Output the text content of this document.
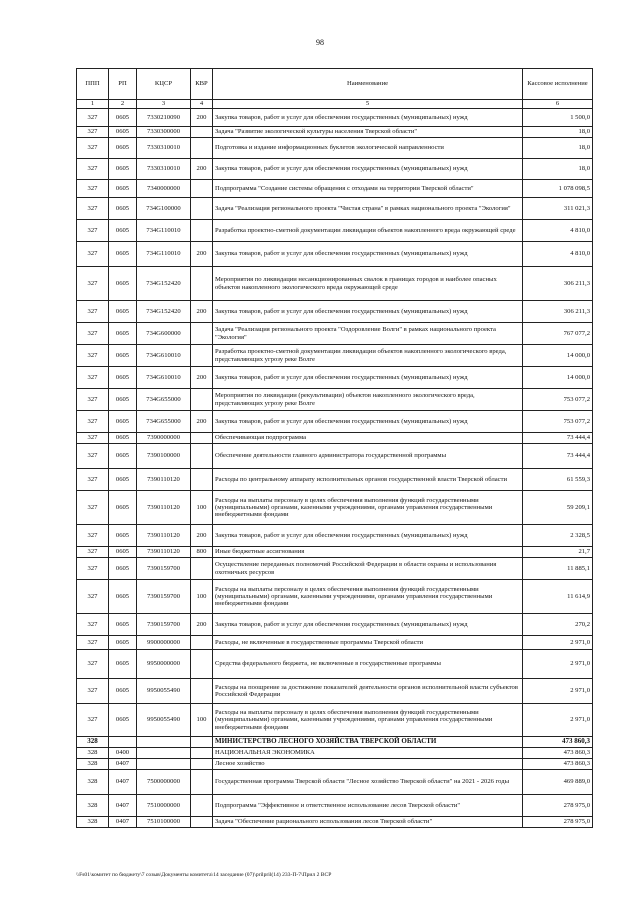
98
ППП	РП	КЦСР	КВР	Наименование	Кассовое исполнение
1	2	3	4	5	6
327	0605	7330210090	200	Закупка товаров, работ и услуг для обеспечения государственных (муниципальных) нужд	1 500,0
327	0605	7330300000		Задача "Развитие экологической культуры населения Тверской области"	18,0
327	0605	7330310010		Подготовка и издание информационных буклетов экологической направленности	18,0
327	0605	7330310010	200	Закупка товаров, работ и услуг для обеспечения государственных (муниципальных) нужд	18,0
327	0605	7340000000		Подпрограмма "Создание системы обращения с отходами на территории Тверской области"	1 078 098,5
327	0605	734G100000		Задача "Реализация регионального проекта "Чистая страна" в рамках национального проекта "Экология"	311 021,3
327	0605	734G110010		Разработка проектно-сметной документации ликвидации объектов накопленного вреда окружающей среде	4 810,0
327	0605	734G110010	200	Закупка товаров, работ и услуг для обеспечения государственных (муниципальных) нужд	4 810,0
327	0605	734G152420		Мероприятия по ликвидации несанкционированных свалок в границах городов и наиболее опасных объектов накопленного экологического вреда окружающей среде	306 211,3
327	0605	734G152420	200	Закупка товаров, работ и услуг для обеспечения государственных (муниципальных) нужд	306 211,3
327	0605	734G600000		Задача "Реализация регионального проекта "Оздоровление Волги" в рамках национального проекта "Экология"	767 077,2
327	0605	734G610010		Разработка проектно-сметной документации ликвидации объектов накопленного экологического вреда, представляющих угрозу реке Волге	14 000,0
327	0605	734G610010	200	Закупка товаров, работ и услуг для обеспечения государственных (муниципальных) нужд	14 000,0
327	0605	734G655000		Мероприятия по ликвидации (рекультивации) объектов накопленного экологического вреда, представляющих угрозу реке Волге	753 077,2
327	0605	734G655000	200	Закупка товаров, работ и услуг для обеспечения государственных (муниципальных) нужд	753 077,2
327	0605	7390000000		Обеспечивающая подпрограмма	73 444,4
327	0605	7390100000		Обеспечение деятельности главного администратора государственной программы	73 444,4
327	0605	7390110120		Расходы по центральному аппарату исполнительных органов государственной власти Тверской области	61 559,3
327	0605	7390110120	100	Расходы на выплаты персоналу в целях обеспечения выполнения функций государственными (муниципальными) органами, казенными учреждениями, органами управления государственными внебюджетными фондами	59 209,1
327	0605	7390110120	200	Закупка товаров, работ и услуг для обеспечения государственных (муниципальных) нужд	2 328,5
327	0605	7390110120	800	Иные бюджетные ассигнования	21,7
327	0605	7390159700		Осуществление переданных полномочий Российской Федерации в области охраны и использования охотничьих ресурсов	11 885,1
327	0605	7390159700	100	Расходы на выплаты персоналу в целях обеспечения выполнения функций государственными (муниципальными) органами, казенными учреждениями, органами управления государственными внебюджетными фондами	11 614,9
327	0605	7390159700	200	Закупка товаров, работ и услуг для обеспечения государственных (муниципальных) нужд	270,2
327	0605	9900000000		Расходы, не включенные в государственные программы Тверской области	2 971,0
327	0605	9950000000		Средства федерального бюджета, не включенные в государственные программы	2 971,0
327	0605	9950055490		Расходы на поощрение за достижение показателей деятельности органов исполнительной власти субъектов Российской Федерации	2 971,0
327	0605	9950055490	100	Расходы на выплаты персоналу в целях обеспечения выполнения функций государственными (муниципальными) органами, казенными учреждениями, органами управления государственными внебюджетными фондами	2 971,0
328				МИНИСТЕРСТВО ЛЕСНОГО ХОЗЯЙСТВА ТВЕРСКОЙ ОБЛАСТИ	473 860,3
328	0400			НАЦИОНАЛЬНАЯ ЭКОНОМИКА	473 860,3
328	0407			Лесное хозяйство	473 860,3
328	0407	7500000000		Государственная программа Тверской области "Лесное хозяйство Тверской области" на 2021 - 2026 годы	469 889,0
328	0407	7510000000		Подпрограмма "Эффективное и ответственное использование лесов Тверской области"	278 975,0
328	0407	7510100000		Задача "Обеспечение рационального использования лесов Тверской области"	278 975,0
\\Fs01\комитет по бюджету\7 созыв\Документы комитета\14 заседание (07)\prilpril(14) 233-П-7\Прил 2 ВСР
